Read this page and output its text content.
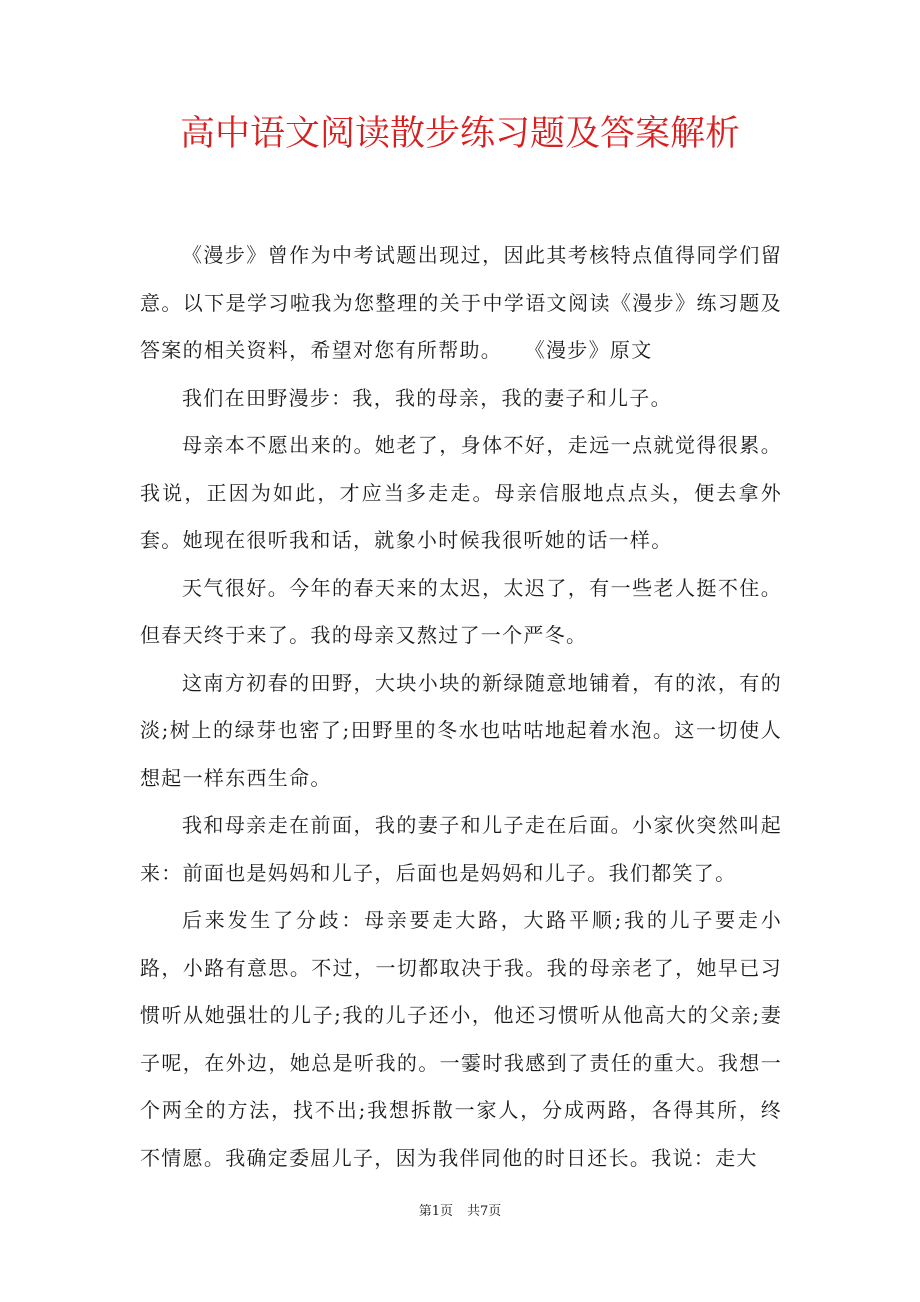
高中语文阅读散步练习题及答案解析

《漫步》曾作为中考试题出现过，因此其考核特点值得同学们留意。以下是学习啦我为您整理的关于中学语文阅读《漫步》练习题及答案的相关资料，希望对您有所帮助。　　《漫步》原文

我们在田野漫步：我，我的母亲，我的妻子和儿子。

母亲本不愿出来的。她老了，身体不好，走远一点就觉得很累。我说，正因为如此，才应当多走走。母亲信服地点点头，便去拿外套。她现在很听我和话，就象小时候我很听她的话一样。

天气很好。今年的春天来的太迟，太迟了，有一些老人挺不住。但春天终于来了。我的母亲又熬过了一个严冬。

这南方初春的田野，大块小块的新绿随意地铺着，有的浓，有的淡;树上的绿芽也密了;田野里的冬水也咕咕地起着水泡。这一切使人想起一样东西生命。

我和母亲走在前面，我的妻子和儿子走在后面。小家伙突然叫起来：前面也是妈妈和儿子，后面也是妈妈和儿子。我们都笑了。

后来发生了分歧：母亲要走大路，大路平顺;我的儿子要走小路，小路有意思。不过，一切都取决于我。我的母亲老了，她早已习惯听从她强壮的儿子;我的儿子还小，他还习惯听从他高大的父亲;妻子呢，在外边，她总是听我的。一霎时我感到了责任的重大。我想一个两全的方法，找不出;我想拆散一家人，分成两路，各得其所，终不情愿。我确定委屈儿子，因为我伴同他的时日还长。我说：走大

第1页 共7页
